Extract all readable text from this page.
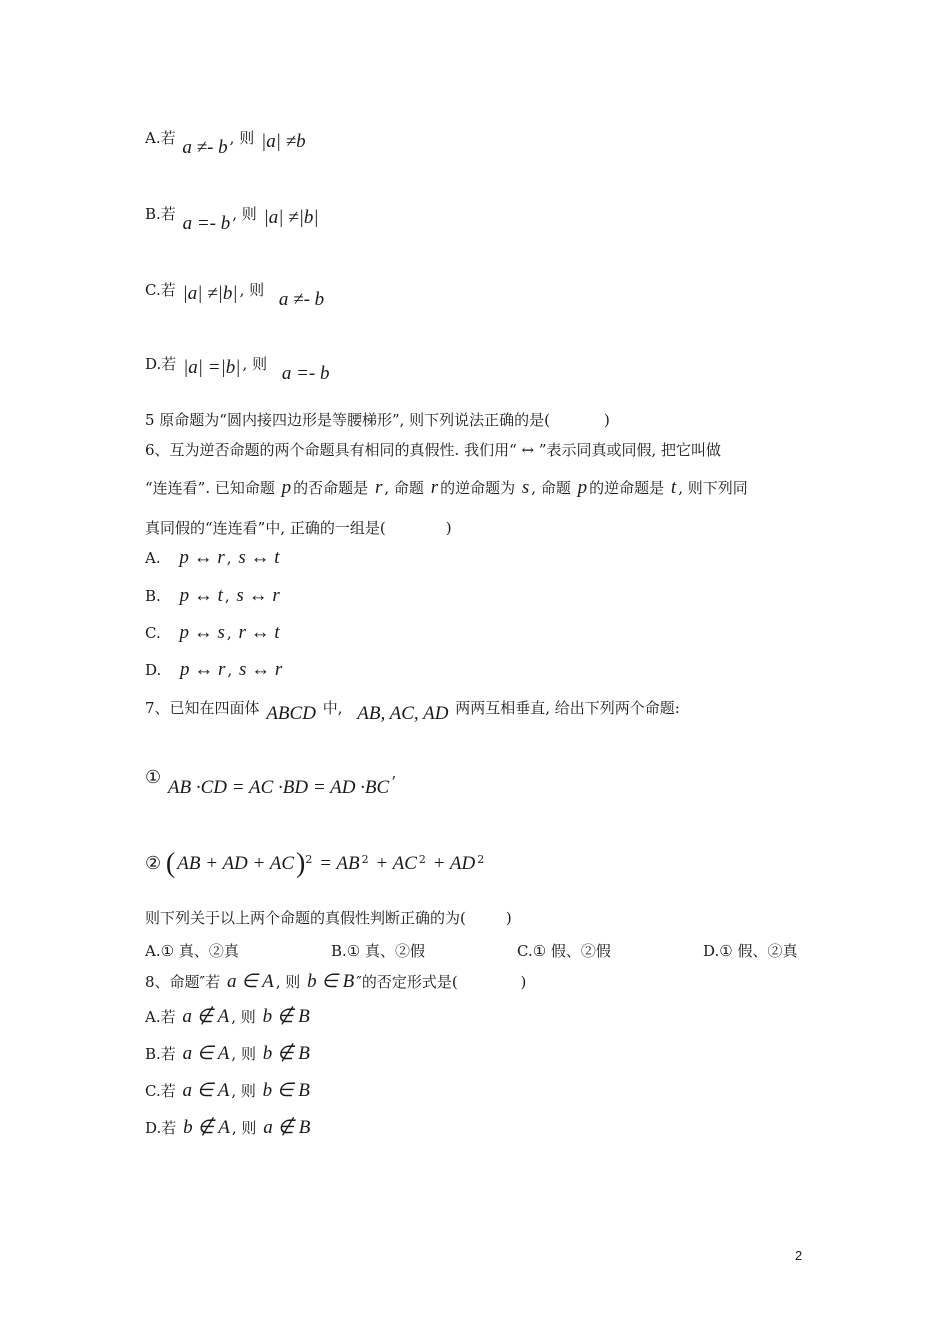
A.若 a ≠- b , 则 |a| ≠b
B.若 a =- b , 则 |a| ≠|b|
C.若 |a| ≠|b| , 则 a ≠- b
D.若 |a| =|b| , 则 a =- b
5 原命题为“圆内接四边形是等腰梯形”, 则下列说法正确的是(	)
6、互为逆否命题的两个命题具有相同的真假性. 我们用“ ↔ ”表示同真或同假, 把它叫做
“连连看”. 已知命题 p 的否命题是 r , 命题 r 的逆命题为 s , 命题 p 的逆命题是 t , 则下列同
真同假的“连连看”中, 正确的一组是(	)
A. p ↔ r , s ↔ t
B. p ↔ t , s ↔ r
C. p ↔ s , r ↔ t
D. p ↔ r , s ↔ r
7、已知在四面体 ABCD 中, AB, AC, AD 两两互相垂直, 给出下列两个命题:
① AB ·CD = AC ·BD = AD ·BC ’
② ( AB + AD + AC)$^2$ = AB $^2$ + AC $^2$ + AD $^2$
则下列关于以上两个命题的真假性判断正确的为(	)
A.① 真、②真	B.① 真、②假	C.① 假、②假	D.① 假、②真
8、命题″若 a ∈ A , 则 b ∈ B ″的否定形式是(	)
A.若 a ∉ A , 则 b ∉ B
B.若 a ∈ A , 则 b ∉ B
C.若 a ∈ A , 则 b ∈ B
D.若 b ∉ A , 则 a ∉ B
2
